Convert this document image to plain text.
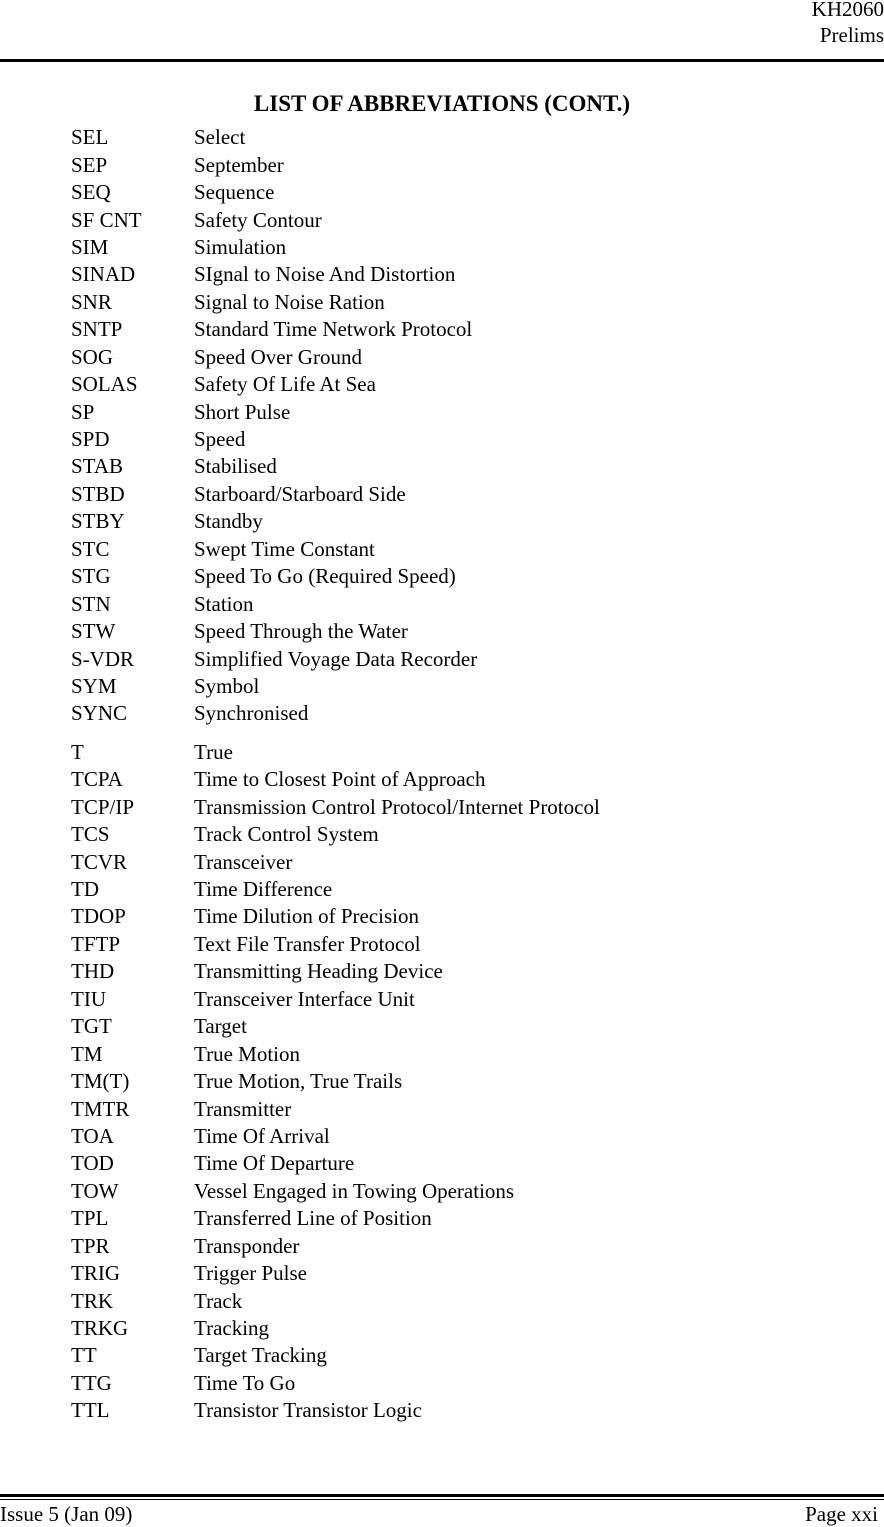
KH2060
Prelims
LIST OF ABBREVIATIONS (CONT.)
SEL	Select
SEP	September
SEQ	Sequence
SF CNT	Safety Contour
SIM	Simulation
SINAD	SIgnal to Noise And Distortion
SNR	Signal to Noise Ration
SNTP	Standard Time Network Protocol
SOG	Speed Over Ground
SOLAS	Safety Of Life At Sea
SP	Short Pulse
SPD	Speed
STAB	Stabilised
STBD	Starboard/Starboard Side
STBY	Standby
STC	Swept Time Constant
STG	Speed To Go (Required Speed)
STN	Station
STW	Speed Through the Water
S-VDR	Simplified Voyage Data Recorder
SYM	Symbol
SYNC	Synchronised
T	True
TCPA	Time to Closest Point of Approach
TCP/IP	Transmission Control Protocol/Internet Protocol
TCS	Track Control System
TCVR	Transceiver
TD	Time Difference
TDOP	Time Dilution of Precision
TFTP	Text File Transfer Protocol
THD	Transmitting Heading Device
TIU	Transceiver Interface Unit
TGT	Target
TM	True Motion
TM(T)	True Motion, True Trails
TMTR	Transmitter
TOA	Time Of Arrival
TOD	Time Of Departure
TOW	Vessel Engaged in Towing Operations
TPL	Transferred Line of Position
TPR	Transponder
TRIG	Trigger Pulse
TRK	Track
TRKG	Tracking
TT	Target Tracking
TTG	Time To Go
TTL	Transistor Transistor Logic
Issue 5 (Jan 09)	Page xxi
